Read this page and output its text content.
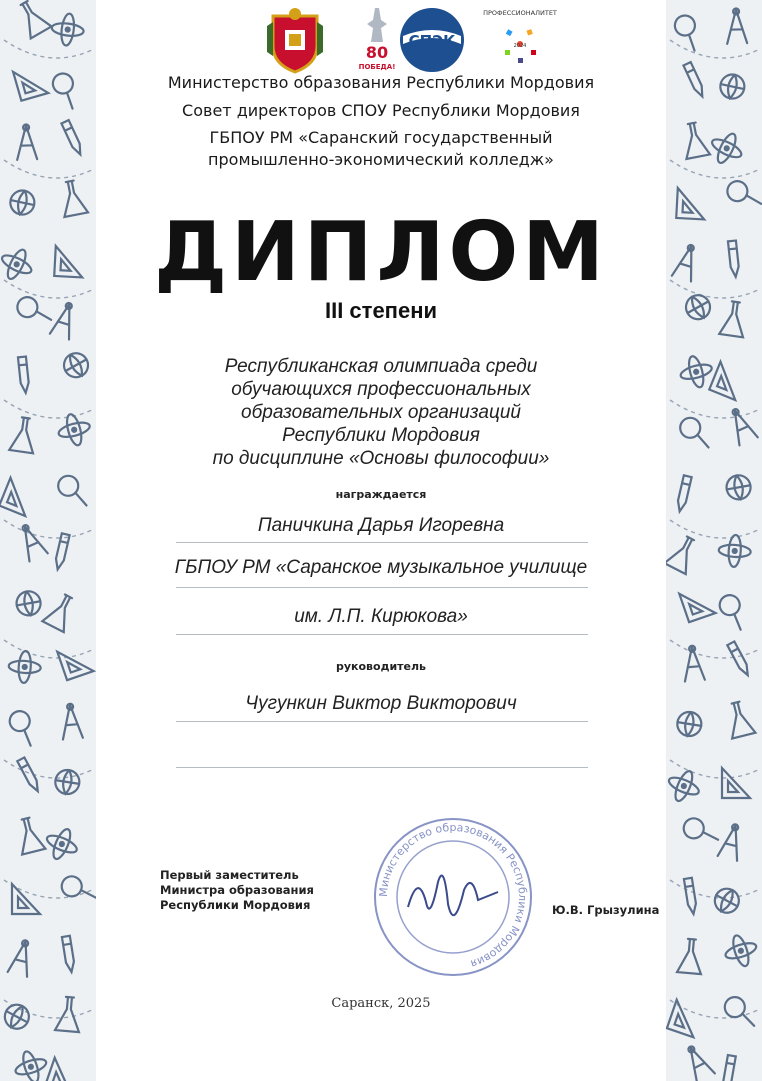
80
ПОБЕДА!
СПЭК
ПРОФЕССИОНАЛИТЕТ
2024
Министерство образования Республики Мордовия
Совет директоров СПОУ Республики Мордовия
ГБПОУ РМ «Саранский государственный
промышленно-экономический колледж»
ДИПЛОМ
III степени
Республиканская олимпиада среди
обучающихся профессиональных
образовательных организаций
Республики Мордовия
по дисциплине «Основы философии»
награждается
Паничкина Дарья Игоревна
ГБПОУ РМ «Саранское музыкальное училище
им. Л.П. Кирюкова»
руководитель
Чугункин Виктор Викторович
Министерство образования Республики Мордовия
Первый заместитель
Министра образования
Республики Мордовия	Ю.В. Грызулина
Саранск, 2025
